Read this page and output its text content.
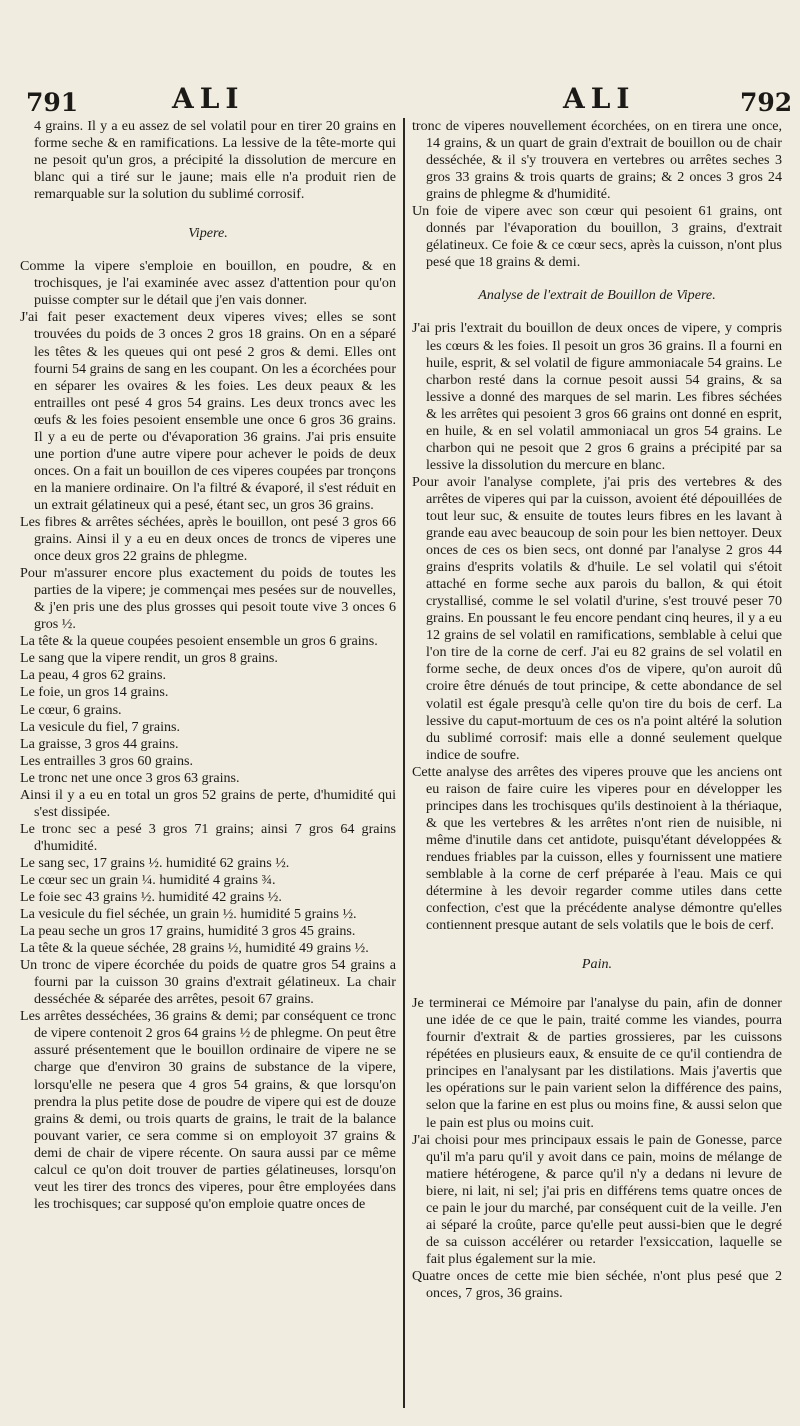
791	ALI	ALI	792

4 grains. Il y a eu assez de sel volatil pour en tirer 20 grains en forme seche & en ramifications. La lessive de la tête-morte qui ne pesoit qu'un gros, a précipité la dissolution de mercure en blanc qui a tiré sur le jaune; mais elle n'a produit rien de remarquable sur la solution du sublimé corrosif.

Vipere.

Comme la vipere s'emploie en bouillon, en poudre, & en trochisques, je l'ai examinée avec assez d'attention pour qu'on puisse compter sur le détail que j'en vais donner.

J'ai fait peser exactement deux viperes vives; elles se sont trouvées du poids de 3 onces 2 gros 18 grains. On en a séparé les têtes & les queues qui ont pesé 2 gros & demi. Elles ont fourni 54 grains de sang en les coupant. On les a écorchées pour en séparer les ovaires & les foies. Les deux peaux & les entrailles ont pesé 4 gros 54 grains. Les deux troncs avec les œufs & les foies pesoient ensemble une once 6 gros 36 grains. Il y a eu de perte ou d'évaporation 36 grains. J'ai pris ensuite une portion d'une autre vipere pour achever le poids de deux onces. On a fait un bouillon de ces viperes coupées par tronçons en la maniere ordinaire. On l'a filtré & évaporé, il s'est réduit en un extrait gélatineux qui a pesé, étant sec, un gros 36 grains.

Les fibres & arrêtes séchées, après le bouillon, ont pesé 3 gros 66 grains. Ainsi il y a eu en deux onces de troncs de viperes une once deux gros 22 grains de phlegme.

Pour m'assurer encore plus exactement du poids de toutes les parties de la vipere; je commençai mes pesées sur de nouvelles, & j'en pris une des plus grosses qui pesoit toute vive 3 onces 6 gros ½.

La tête & la queue coupées pesoient ensemble un gros 6 grains.

Le sang que la vipere rendit, un gros 8 grains.

La peau, 4 gros 62 grains.

Le foie, un gros 14 grains.

Le cœur, 6 grains.

La vesicule du fiel, 7 grains.

La graisse, 3 gros 44 grains.

Les entrailles 3 gros 60 grains.

Le tronc net une once 3 gros 63 grains.

Ainsi il y a eu en total un gros 52 grains de perte, d'humidité qui s'est dissipée.

Le tronc sec a pesé 3 gros 71 grains; ainsi 7 gros 64 grains d'humidité.

Le sang sec, 17 grains ½. humidité 62 grains ½.

Le cœur sec un grain ¼. humidité 4 grains ¾.

Le foie sec 43 grains ½. humidité 42 grains ½.

La vesicule du fiel séchée, un grain ½. humidité 5 grains ½.

La peau seche un gros 17 grains, humidité 3 gros 45 grains.

La tête & la queue séchée, 28 grains ½, humidité 49 grains ½.

Un tronc de vipere écorchée du poids de quatre gros 54 grains a fourni par la cuisson 30 grains d'extrait gélatineux. La chair desséchée & séparée des arrêtes, pesoit 67 grains.

Les arrêtes desséchées, 36 grains & demi; par conséquent ce tronc de vipere contenoit 2 gros 64 grains ½ de phlegme. On peut être assuré présentement que le bouillon ordinaire de vipere ne se charge que d'environ 30 grains de substance de la vipere, lorsqu'elle ne pesera que 4 gros 54 grains, & que lorsqu'on prendra la plus petite dose de poudre de vipere qui est de douze grains & demi, ou trois quarts de grains, le trait de la balance pouvant varier, ce sera comme si on employoit 37 grains & demi de chair de vipere récente. On saura aussi par ce même calcul ce qu'on doit trouver de parties gélatineuses, lorsqu'on veut les tirer des troncs des viperes, pour être employées dans les trochisques; car supposé qu'on emploie quatre onces de

tronc de viperes nouvellement écorchées, on en tirera une once, 14 grains, & un quart de grain d'extrait de bouillon ou de chair desséchée, & il s'y trouvera en vertebres ou arrêtes seches 3 gros 33 grains & trois quarts de grains; & 2 onces 3 gros 24 grains de phlegme & d'humidité.

Un foie de vipere avec son cœur qui pesoient 61 grains, ont donnés par l'évaporation du bouillon, 3 grains, d'extrait gélatineux. Ce foie & ce cœur secs, après la cuisson, n'ont plus pesé que 18 grains & demi.

Analyse de l'extrait de Bouillon de Vipere.

J'ai pris l'extrait du bouillon de deux onces de vipere, y compris les cœurs & les foies. Il pesoit un gros 36 grains. Il a fourni en huile, esprit, & sel volatil de figure ammoniacale 54 grains. Le charbon resté dans la cornue pesoit aussi 54 grains, & sa lessive a donné des marques de sel marin. Les fibres séchées & les arrêtes qui pesoient 3 gros 66 grains ont donné en esprit, en huile, & en sel volatil ammoniacal un gros 54 grains. Le charbon qui ne pesoit que 2 gros 6 grains a précipité par sa lessive la dissolution du mercure en blanc.

Pour avoir l'analyse complete, j'ai pris des vertebres & des arrêtes de viperes qui par la cuisson, avoient été dépouillées de tout leur suc, & ensuite de toutes leurs fibres en les lavant à grande eau avec beaucoup de soin pour les bien nettoyer. Deux onces de ces os bien secs, ont donné par l'analyse 2 gros 44 grains d'esprits volatils & d'huile. Le sel volatil qui s'étoit attaché en forme seche aux parois du ballon, & qui étoit crystallisé, comme le sel volatil d'urine, s'est trouvé peser 70 grains. En poussant le feu encore pendant cinq heures, il y a eu 12 grains de sel volatil en ramifications, semblable à celui que l'on tire de la corne de cerf. J'ai eu 82 grains de sel volatil en forme seche, de deux onces d'os de vipere, qu'on auroit dû croire être dénués de tout principe, & cette abondance de sel volatil est égale presqu'à celle qu'on tire du bois de cerf. La lessive du caput-mortuum de ces os n'a point altéré la solution du sublimé corrosif: mais elle a donné seulement quelque indice de soufre.

Cette analyse des arrêtes des viperes prouve que les anciens ont eu raison de faire cuire les viperes pour en développer les principes dans les trochisques qu'ils destinoient à la thériaque, & que les vertebres & les arrêtes n'ont rien de nuisible, ni même d'inutile dans cet antidote, puisqu'étant développées & rendues friables par la cuisson, elles y fournissent une matiere semblable à la corne de cerf préparée à l'eau. Mais ce qui détermine à les devoir regarder comme utiles dans cette confection, c'est que la précédente analyse démontre qu'elles contiennent presque autant de sels volatils que le bois de cerf.

Pain.

Je terminerai ce Mémoire par l'analyse du pain, afin de donner une idée de ce que le pain, traité comme les viandes, pourra fournir d'extrait & de parties grossieres, par les cuissons répétées en plusieurs eaux, & ensuite de ce qu'il contiendra de principes en l'analysant par les distilations. Mais j'avertis que les opérations sur le pain varient selon la différence des pains, selon que la farine en est plus ou moins fine, & aussi selon que le pain est plus ou moins cuit.

J'ai choisi pour mes principaux essais le pain de Gonesse, parce qu'il m'a paru qu'il y avoit dans ce pain, moins de mélange de matiere hétérogene, & parce qu'il n'y a dedans ni levure de biere, ni lait, ni sel; j'ai pris en différens tems quatre onces de ce pain le jour du marché, par conséquent cuit de la veille. J'en ai séparé la croûte, parce qu'elle peut aussi-bien que le degré de sa cuisson accélérer ou retarder l'exsiccation, laquelle se fait plus également sur la mie.

Quatre onces de cette mie bien séchée, n'ont plus pesé que 2 onces, 7 gros, 36 grains.
